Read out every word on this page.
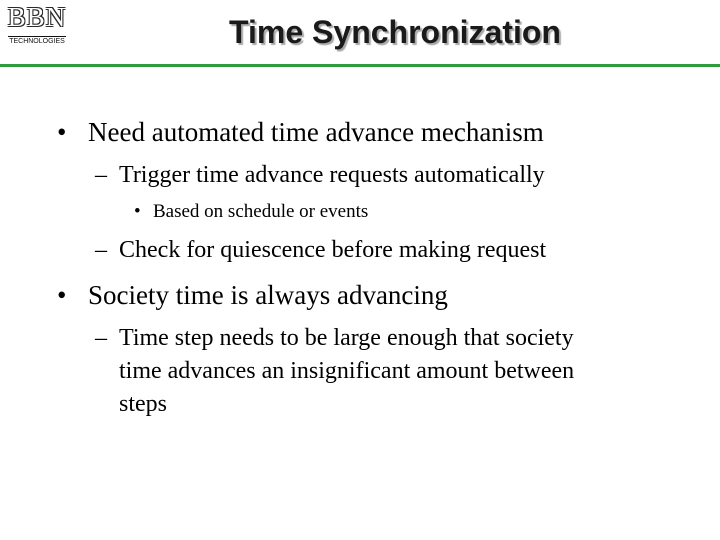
BBN
TECHNOLOGIES	Time Synchronization
• Need automated time advance mechanism
– Trigger time advance requests automatically
• Based on schedule or events
– Check for quiescence before making request
• Society time is always advancing
– Time step needs to be large enough that society
time advances an insignificant amount between
steps
